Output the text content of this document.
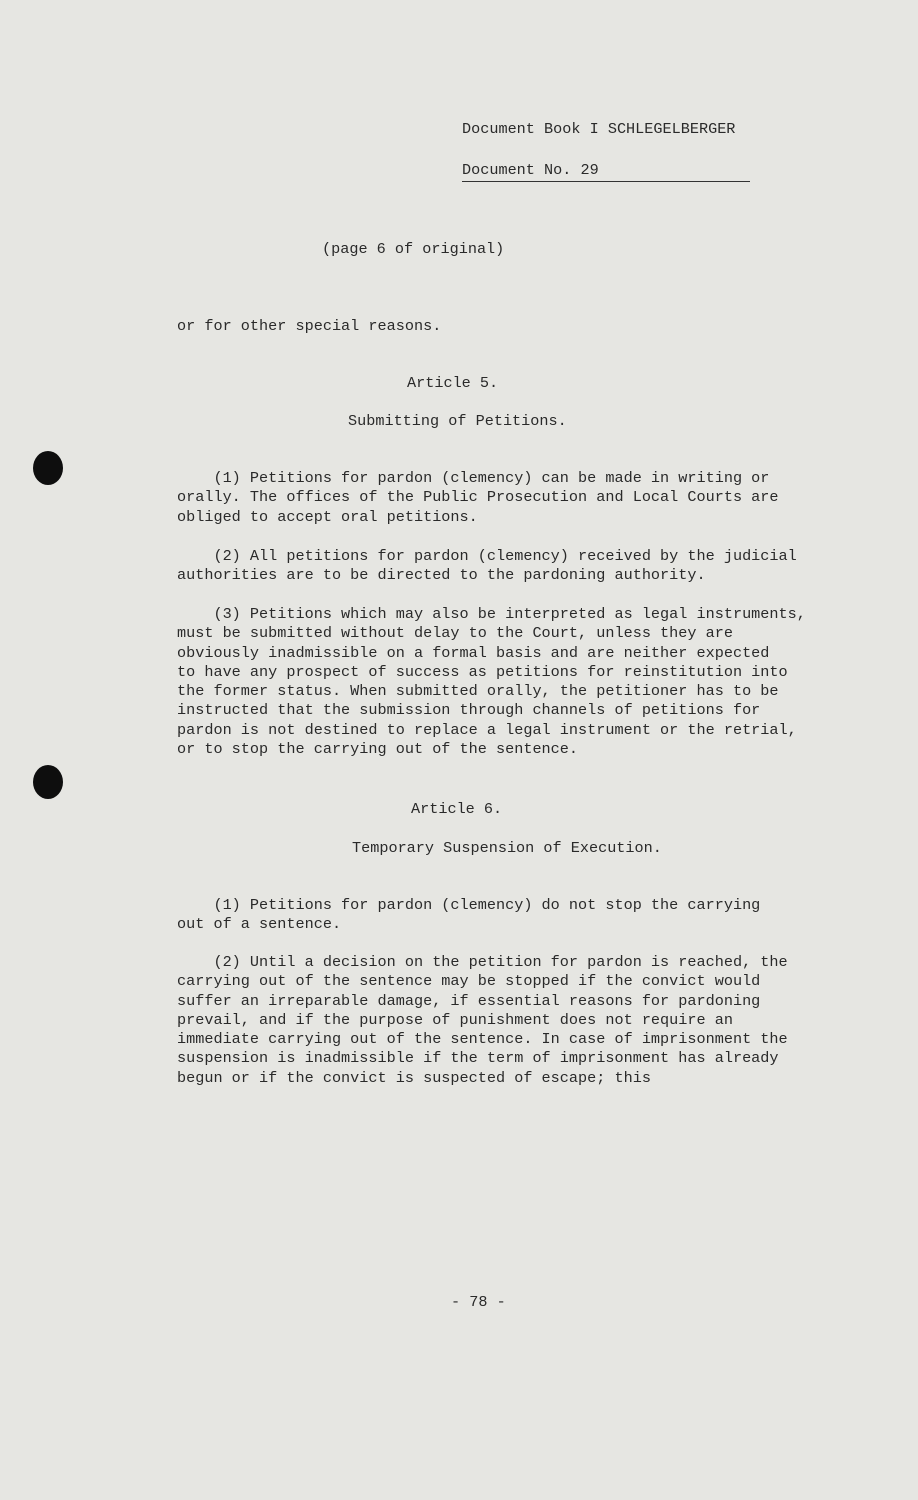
Document Book I SCHLEGELBERGER
Document No. 29
(page 6 of original)
or for other special reasons.
Article 5.
Submitting of Petitions.
(1) Petitions for pardon (clemency) can be made in writing or
orally. The offices of the Public Prosecution and Local Courts are
obliged to accept oral petitions.
(2) All petitions for pardon (clemency) received by the judicial
authorities are to be directed to the pardoning authority.
(3) Petitions which may also be interpreted as legal instruments,
must be submitted without delay to the Court, unless they are
obviously inadmissible on a formal basis and are neither expected
to have any prospect of success as petitions for reinstitution into
the former status. When submitted orally, the petitioner has to be
instructed that the submission through channels of petitions for
pardon is not destined to replace a legal instrument or the retrial,
or to stop the carrying out of the sentence.
Article 6.
Temporary Suspension of Execution.
(1) Petitions for pardon (clemency) do not stop the carrying
out of a sentence.
(2) Until a decision on the petition for pardon is reached, the
carrying out of the sentence may be stopped if the convict would
suffer an irreparable damage, if essential reasons for pardoning
prevail, and if the purpose of punishment does not require an
immediate carrying out of the sentence. In case of imprisonment the
suspension is inadmissible if the term of imprisonment has already
begun or if the convict is suspected of escape; this
- 78 -
